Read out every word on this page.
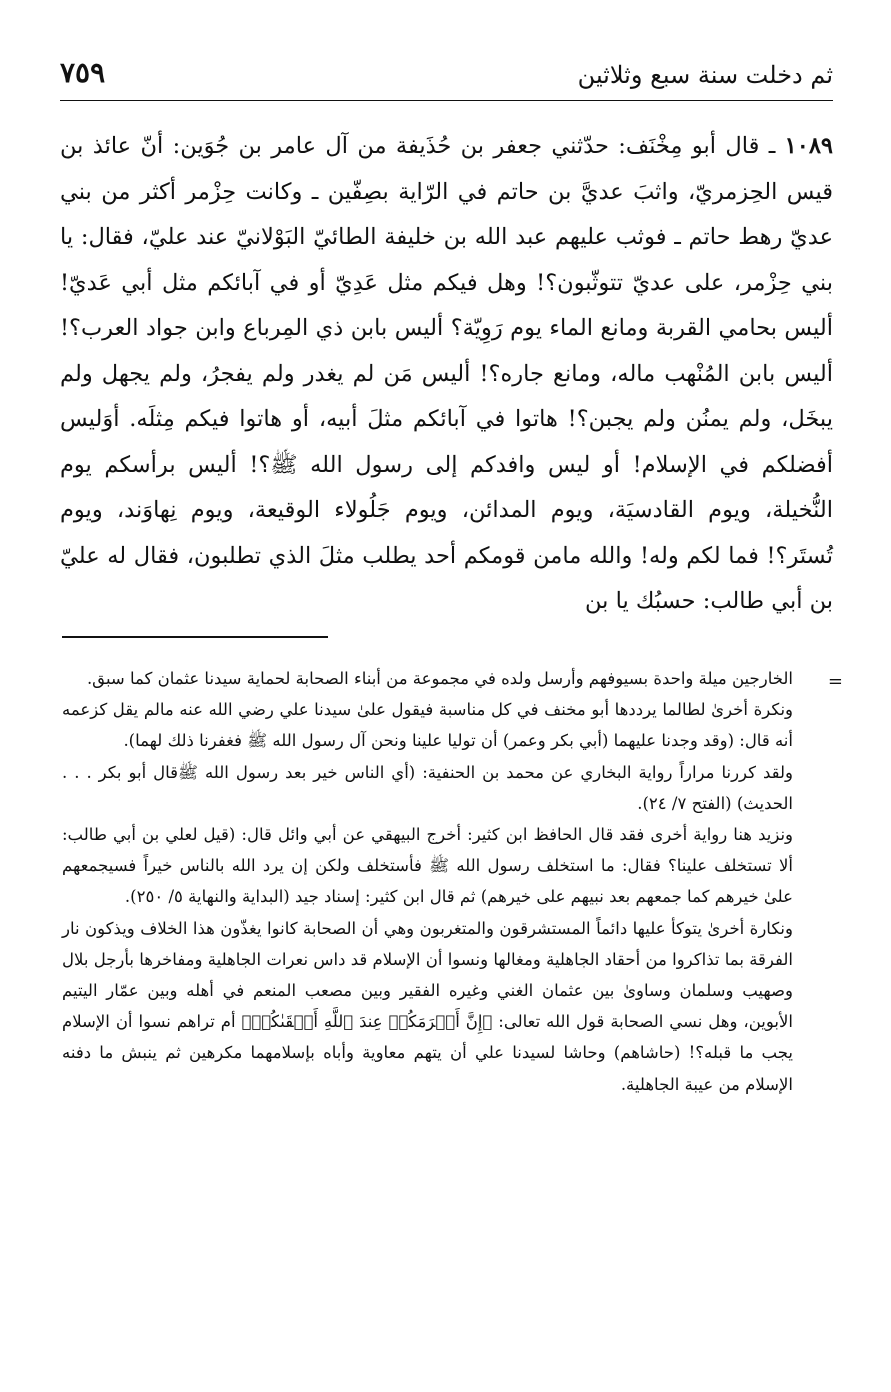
ثم دخلت سنة سبع وثلاثين
٧٥٩

١٠٨٩ ـ قال أبو مِخْنَف: حدّثني جعفر بن حُذَيفة من آل عامر بن جُوَين: أنّ عائذ بن قيس الحِزمريّ، واثبَ عديَّ بن حاتم في الرّاية بصِفّين ـ وكانت حِزْمر أكثر من بني عديّ رهط حاتم ـ فوثب عليهم عبد الله بن خليفة الطائيّ البَوْلانيّ عند عليّ، فقال: يا بني حِزْمر، على عديّ تتوثّبون؟! وهل فيكم مثل عَدِيّ أو في آبائكم مثل أبي عَديّ! أليس بحامي القربة ومانع الماء يوم رَوِيّة؟ أليس بابن ذي المِرباع وابن جواد العرب؟! أليس بابن المُنْهب ماله، ومانع جاره؟! أليس مَن لم يغدر ولم يفجرُ، ولم يجهل ولم يبخَل، ولم يمنُن ولم يجبن؟! هاتوا في آبائكم مثلَ أبيه، أو هاتوا فيكم مِثلَه. أوَليس أفضلكم في الإسلام! أو ليس وافدكم إلى رسول الله ﷺ؟! أليس برأسكم يوم النُّخيلة، ويوم القادسيَة، ويوم المدائن، ويوم جَلُولاء الوقيعة، ويوم نِهاوَند، ويوم تُستَر؟! فما لكم وله! والله مامن قومكم أحد يطلب مثلَ الذي تطلبون، فقال له عليّ بن أبي طالب: حسبُك يا بن

=

الخارجين ميلة واحدة بسيوفهم وأرسل ولده في مجموعة من أبناء الصحابة لحماية سيدنا عثمان كما سبق.

ونكرة أخرىٰ لطالما يرددها أبو مخنف في كل مناسبة فيقول علىٰ سيدنا علي رضي الله عنه مالم يقل كزعمه أنه قال: (وقد وجدنا عليهما (أبي بكر وعمر) أن توليا علينا ونحن آل رسول الله ﷺ فغفرنا ذلك لهما).

ولقد كررنا مراراً رواية البخاري عن محمد بن الحنفية: (أي الناس خير بعد رسول الله ﷺقال أبو بكر . . . الحديث) (الفتح ٧/ ٢٤).

ونزيد هنا رواية أخرى فقد قال الحافظ ابن كثير: أخرج البيهقي عن أبي وائل قال: (قيل لعلي بن أبي طالب: ألا تستخلف علينا؟ فقال: ما استخلف رسول الله ﷺ فأستخلف ولكن إن يرد الله بالناس خيراً فسيجمعهم علىٰ خيرهم كما جمعهم بعد نبيهم على خيرهم) ثم قال ابن كثير: إسناد جيد (البداية والنهاية ٥/ ٢٥٠).

ونكارة أخرىٰ يتوكأ عليها دائماً المستشرقون والمتغربون وهي أن الصحابة كانوا يغذّون هذا الخلاف ويذكون نار الفرقة بما تذاكروا من أحقاد الجاهلية ومغالها ونسوا أن الإسلام قد داس نعرات الجاهلية ومفاخرها بأرجل بلال وصهيب وسلمان وساوىٰ بين عثمان الغني وغيره الفقير وبين مصعب المنعم في أهله وبين عمّار اليتيم الأبوين، وهل نسي الصحابة قول الله تعالى: ﴿إِنَّ أَكۡرَمَكُمۡ عِندَ ٱللَّهِ أَتۡقَىٰكُمۡ﴾ أم تراهم نسوا أن الإسلام يجب ما قبله؟! (حاشاهم) وحاشا لسيدنا علي أن يتهم معاوية وأباه بإسلامهما مكرهين ثم ينبش ما دفنه الإسلام من عيبة الجاهلية.
